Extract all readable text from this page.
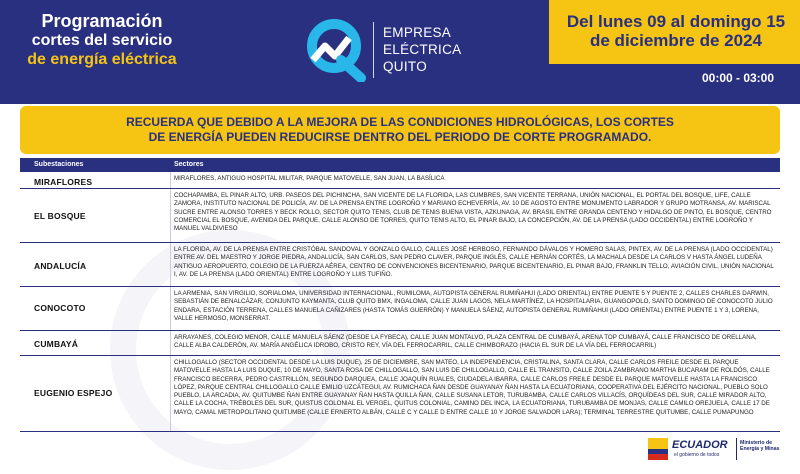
Programación
cortes del servicio
de energía eléctrica
EMPRESA
ELÉCTRICA
QUITO
Del lunes 09 al domingo 15
de diciembre de 2024
00:00 - 03:00
RECUERDA QUE DEBIDO A LA MEJORA DE LAS CONDICIONES HIDROLÓGICAS, LOS CORTES
DE ENERGÍA PUEDEN REDUCIRSE DENTRO DEL PERIODO DE CORTE PROGRAMADO.
Subestaciones	Sectores
MIRAFLORES	MIRAFLORES, ANTIGUO HOSPITAL MILITAR, PARQUE MATOVELLE, SAN JUAN, LA BASÍLICA
EL BOSQUE
COCHAPAMBA, EL PINAR ALTO, URB. PASEOS DEL PICHINCHA, SAN VICENTE DE LA FLORIDA, LAS CUMBRES, SAN VICENTE TERRANA, UNIÓN NACIONAL, EL PORTAL DEL BOSQUE, LIFE, CALLE ZAMORA, INSTITUTO NACIONAL DE POLICÍA, AV. DE LA PRENSA ENTRE LOGROÑO Y MARIANO ECHEVERRÍA, AV. 10 DE AGOSTO ENTRE MONUMENTO LABRADOR Y GRUPO MOTRANSA, AV. MARISCAL SUCRE ENTRE ALONSO TORRES Y BECK ROLLO, SECTOR QUITO TENIS, CLUB DE TENIS BUENA VISTA, AZKUNAGA, AV. BRASIL ENTRE GRANDA CENTENO Y HIDALGO DE PINTO, EL BOSQUE, CENTRO COMERCIAL EL BOSQUE, AVENIDA DEL PARQUE, CALLE ALONSO DE TORRES, QUITO TENIS ALTO, EL PINAR BAJO, LA CONCEPCIÓN, AV. DE LA PRENSA (LADO OCCIDENTAL) ENTRE LOGROÑO Y MANUEL VALDIVIESO
ANDALUCÍA
LA FLORIDA, AV. DE LA PRENSA ENTRE CRISTÓBAL SANDOVAL Y GONZALO GALLO, CALLES JOSÉ HERBOSO, FERNANDO DÁVALOS Y HOMERO SALAS, PINTEX, AV. DE LA PRENSA (LADO OCCIDENTAL) ENTRE AV. DEL MAESTRO Y JORGE PIEDRA, ANDALUCÍA, SAN CARLOS, SAN PEDRO CLAVER, PARQUE INGLÉS, CALLE HERNÁN CORTÉS, LA MACHALA DESDE LA CARLOS V HASTA ÁNGEL LUDEÑA ANTIGUO AEROPUERTO, COLEGIO DE LA FUERZA AÉREA, CENTRO DE CONVENCIONES BICENTENARIO, PARQUE BICENTENARIO, EL PINAR BAJO, FRANKLIN TELLO, AVIACIÓN CIVIL, UNIÓN NACIONAL I, AV. DE LA PRENSA (LADO ORIENTAL) ENTRE LOGROÑO Y LUIS TUFIÑO.
CONOCOTO
LA ARMENIA, SAN VIRGILIO, SORIALOMA, UNIVERSIDAD INTERNACIONAL, RUMILOMA, AUTOPISTA GENERAL RUMIÑAHUI (LADO ORIENTAL) ENTRE PUENTE 5 Y PUENTE 2, CALLES CHARLES DARWIN, SEBASTIÁN DE BENALCÁZAR, CONJUNTO KAYMANTA, CLUB QUITO BMX, INGALOMA, CALLE JUAN LAGOS, NELA MARTÍNEZ, LA HOSPITALARIA, GUANGOPOLO, SANTO DOMINGO DE CONOCOTO JULIO ENDARA, ESTACIÓN TERRENA, CALLES MANUELA CAÑIZARES (HASTA TOMÁS GUERRÓN) Y MANUELA SÁENZ, AUTOPISTA GENERAL RUMIÑAHUI (LADO ORIENTAL) ENTRE PUENTE 1 Y 3, LORENA, VALLE HERMOSO, MONSERRAT.
CUMBAYÁ
ARRAYANES, COLEGIO MENOR, CALLE MANUELA SÁENZ (DESDE LA FYBECA), CALLE JUAN MONTALVO, PLAZA CENTRAL DE CUMBAYÁ, ARENA TOP CUMBAYÁ, CALLE FRANCISCO DE ORELLANA, CALLE ALBA CALDERÓN, AV. MARÍA ANGÉLICA IDROBO, CRISTO REY, VÍA DEL FERROCARRIL, CALLE CHIMBORAZO (HACIA EL SUR DE LA VÍA DEL FERROCARRIL)
EUGENIO ESPEJO
CHILLOGALLO (SECTOR OCCIDENTAL DESDE LA LUIS DUQUE), 25 DE DICIEMBRE, SAN MATEO, LA INDEPENDENCIA, CRISTALINA, SANTA CLARA, CALLE CARLOS FREILE DESDE EL PARQUE MATOVELLE HASTA LA LUIS DUQUE, 10 DE MAYO, SANTA ROSA DE CHILLOGALLO, SAN LUIS DE CHILLOGALLO, CALLE EL TRANSITO, CALLE ZOILA ZAMBRANO MARTHA BUCARAM DE ROLDÓS, CALLE FRANCISCO BECERRA, PEDRO CASTRILLÓN, SEGUNDO DARQUEA, CALLE JOAQUÍN RUALES, CIUDADELA IBARRA, CALLE CARLOS FREILE DESDE EL PARQUE MATOVELLE HASTA LA FRANCISCO LÓPEZ, PARQUE CENTRAL CHILLOGALLO CALLE EMILIO UZCÁTEGUI, AV. RUMICHACA ÑAN DESDE GUAYANAY ÑAN HASTA LA ECUATORIANA, COOPERATIVA DEL EJÉRCITO NACIONAL, PUEBLO SOLO PUEBLO, LA ARCADIA, AV. QUITUMBE ÑAN ENTRE GUAYANAY ÑAN HASTA QUILLA ÑAN, CALLE SUSANA LETOR, TURUBAMBA, CALLE CARLOS VILLACÍS, ORQUÍDEAS DEL SUR, CALLE MIRADOR ALTO, CALLE LA COCHA, TRÉBOLES DEL SUR, QUISTUS COLONIAL EL VERGEL, QUITUS COLONIAL, CAMINO DEL INCA, LA ECUATORIANA, TURUBAMBA DE MONJAS, CALLE CAMILO OREJUELA, CALLE 17 DE MAYO, CAMAL METROPOLITANO QUITUMBE (CALLE ERNERTO ALBÁN, CALLE C Y CALLE D ENTRE CALLE 10 Y JORGE SALVADOR LARA); TERMINAL TERRESTRE QUITUMBE, CALLE PUMAPUNGO
ECUADOR
el gobierno de todos
Ministerio de
Energía y Minas
